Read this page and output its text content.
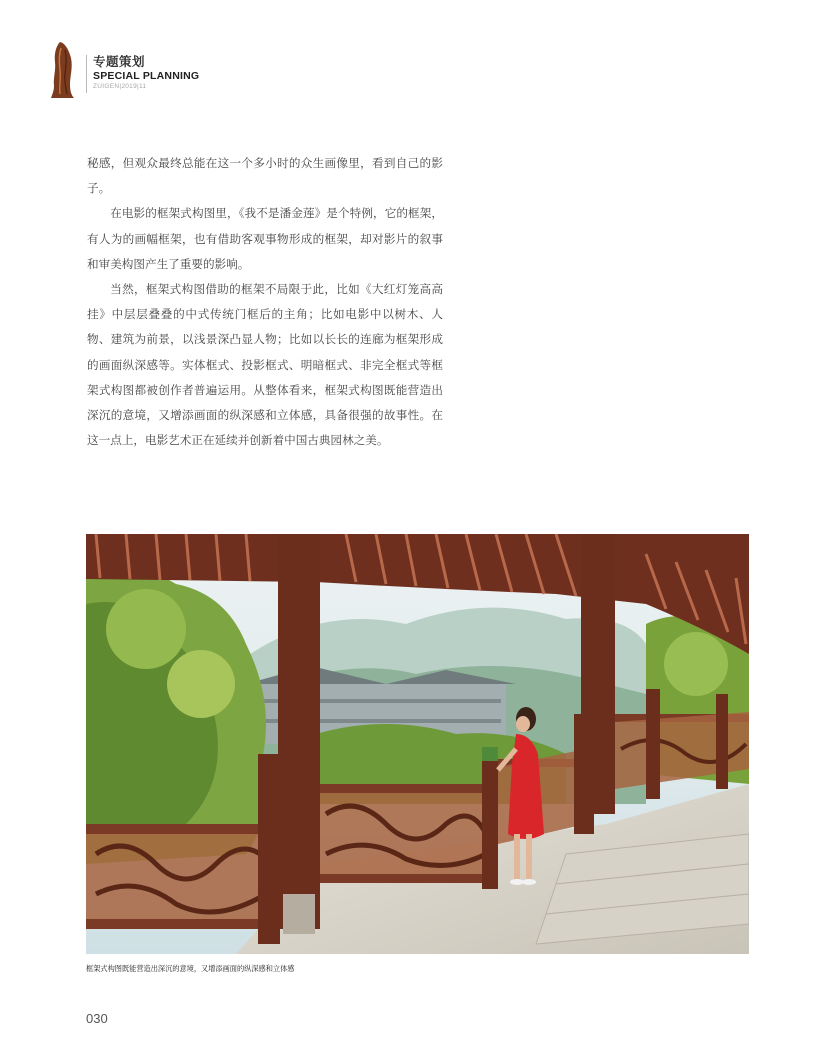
专题策划
SPECIAL PLANNING
ZUIGEN|2019|11

秘感，但观众最终总能在这一个多小时的众生画像里，看到自己的影子。

在电影的框架式构图里，《我不是潘金莲》是个特例，它的框架，有人为的画幅框架，也有借助客观事物形成的框架，却对影片的叙事和审美构图产生了重要的影响。

当然，框架式构图借助的框架不局限于此，比如《大红灯笼高高挂》中层层叠叠的中式传统门框后的主角；比如电影中以树木、人物、建筑为前景，以浅景深凸显人物；比如以长长的连廊为框架形成的画面纵深感等。实体框式、投影框式、明暗框式、非完全框式等框架式构图都被创作者普遍运用。从整体看来，框架式构图既能营造出深沉的意境，又增添画面的纵深感和立体感，具备很强的故事性。在这一点上，电影艺术正在延续并创新着中国古典园林之美。

框架式构图既能营造出深沉的意境，又增添画面的纵深感和立体感
030
